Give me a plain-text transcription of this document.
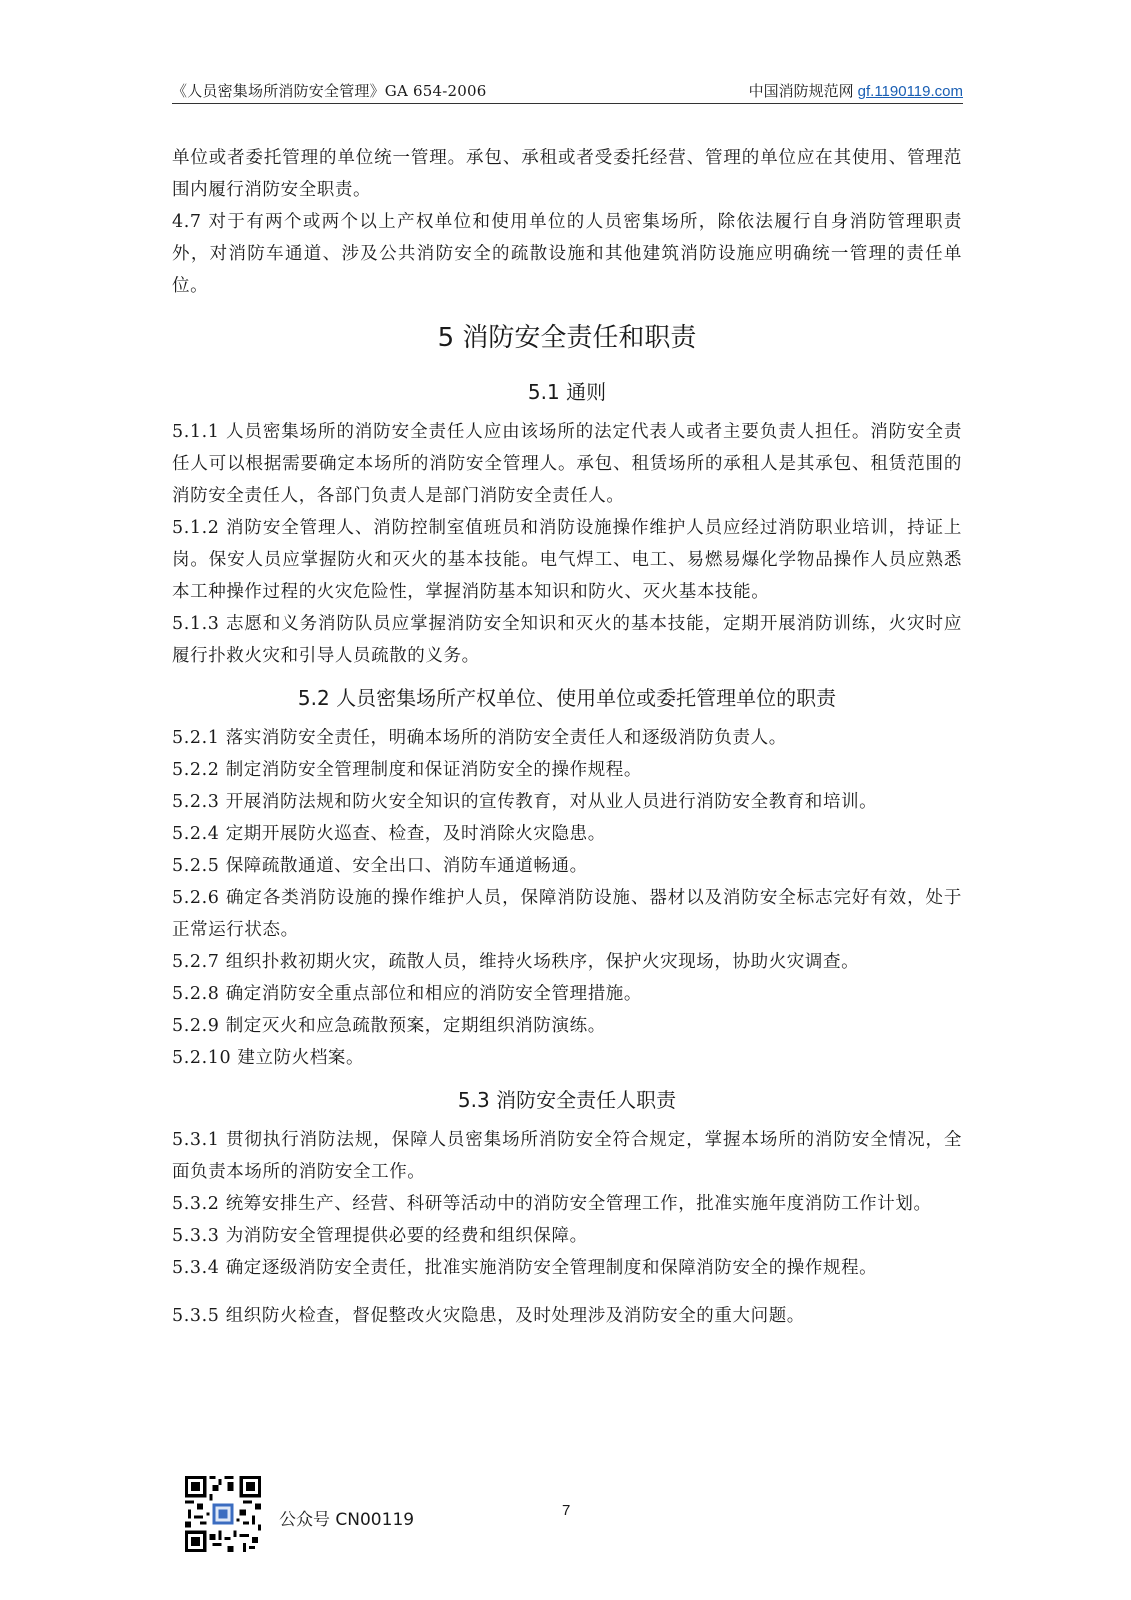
《人员密集场所消防安全管理》GA 654-2006	中国消防规范网 gf.1190119.com

单位或者委托管理的单位统一管理。承包、承租或者受委托经营、管理的单位应在其使用、管理范围内履行消防安全职责。

4.7 对于有两个或两个以上产权单位和使用单位的人员密集场所，除依法履行自身消防管理职责外，对消防车通道、涉及公共消防安全的疏散设施和其他建筑消防设施应明确统一管理的责任单位。

5 消防安全责任和职责
5.1 通则

5.1.1 人员密集场所的消防安全责任人应由该场所的法定代表人或者主要负责人担任。消防安全责任人可以根据需要确定本场所的消防安全管理人。承包、租赁场所的承租人是其承包、租赁范围的消防安全责任人，各部门负责人是部门消防安全责任人。

5.1.2 消防安全管理人、消防控制室值班员和消防设施操作维护人员应经过消防职业培训，持证上岗。保安人员应掌握防火和灭火的基本技能。电气焊工、电工、易燃易爆化学物品操作人员应熟悉本工种操作过程的火灾危险性，掌握消防基本知识和防火、灭火基本技能。

5.1.3 志愿和义务消防队员应掌握消防安全知识和灭火的基本技能，定期开展消防训练，火灾时应履行扑救火灾和引导人员疏散的义务。

5.2 人员密集场所产权单位、使用单位或委托管理单位的职责

5.2.1 落实消防安全责任，明确本场所的消防安全责任人和逐级消防负责人。

5.2.2 制定消防安全管理制度和保证消防安全的操作规程。

5.2.3 开展消防法规和防火安全知识的宣传教育，对从业人员进行消防安全教育和培训。

5.2.4 定期开展防火巡查、检查，及时消除火灾隐患。

5.2.5 保障疏散通道、安全出口、消防车通道畅通。

5.2.6 确定各类消防设施的操作维护人员，保障消防设施、器材以及消防安全标志完好有效，处于正常运行状态。

5.2.7 组织扑救初期火灾，疏散人员，维持火场秩序，保护火灾现场，协助火灾调查。

5.2.8 确定消防安全重点部位和相应的消防安全管理措施。

5.2.9 制定灭火和应急疏散预案，定期组织消防演练。

5.2.10 建立防火档案。

5.3 消防安全责任人职责

5.3.1 贯彻执行消防法规，保障人员密集场所消防安全符合规定，掌握本场所的消防安全情况，全面负责本场所的消防安全工作。

5.3.2 统筹安排生产、经营、科研等活动中的消防安全管理工作，批准实施年度消防工作计划。

5.3.3 为消防安全管理提供必要的经费和组织保障。

5.3.4 确定逐级消防安全责任，批准实施消防安全管理制度和保障消防安全的操作规程。

5.3.5 组织防火检查，督促整改火灾隐患，及时处理涉及消防安全的重大问题。

公众号 CN00119	7
